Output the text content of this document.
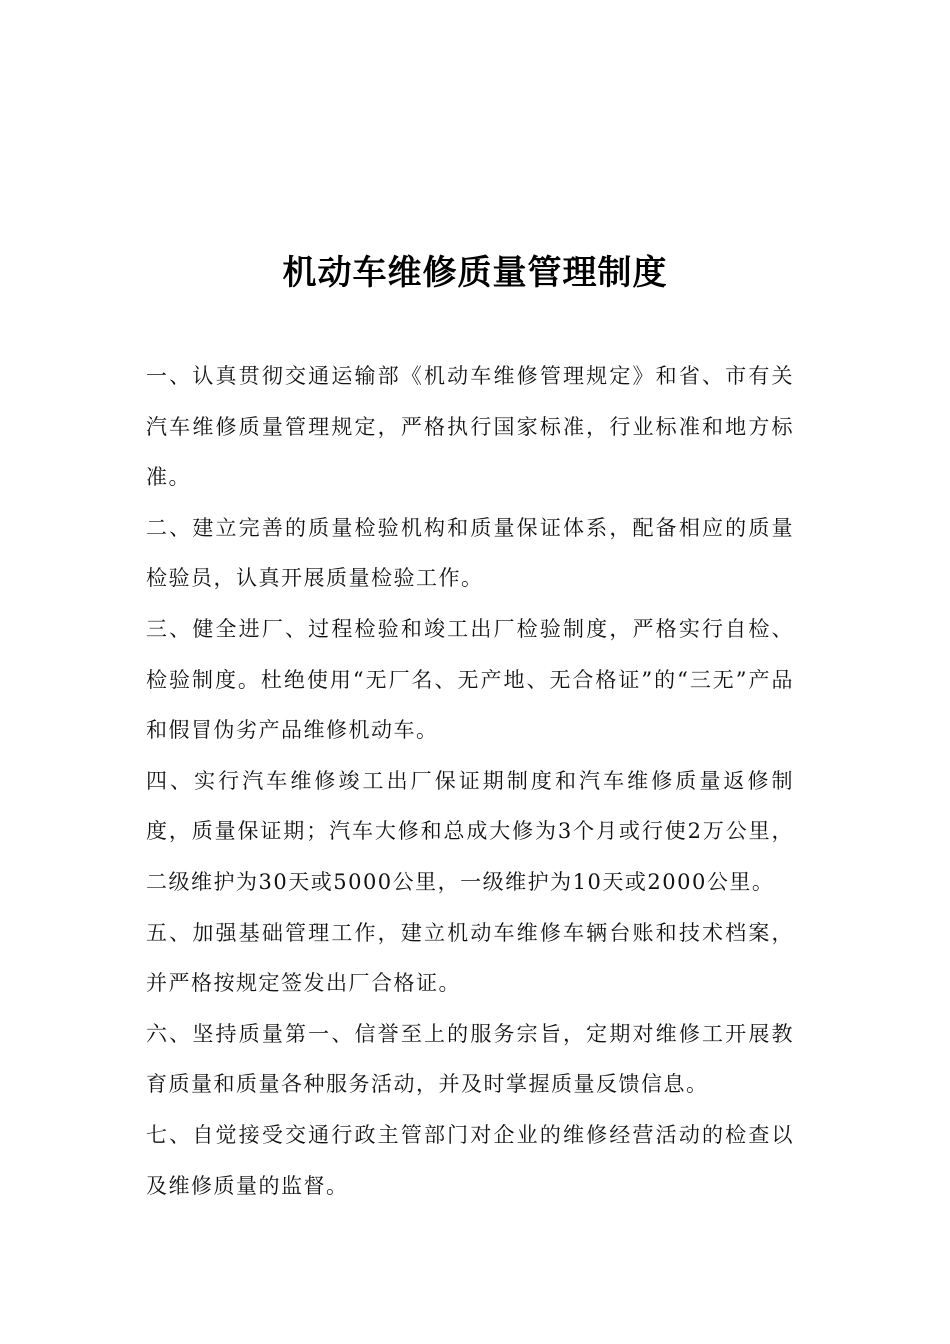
机动车维修质量管理制度

一、认真贯彻交通运输部《机动车维修管理规定》和省、市有关汽车维修质量管理规定，严格执行国家标准，行业标准和地方标准。

二、建立完善的质量检验机构和质量保证体系，配备相应的质量检验员，认真开展质量检验工作。

三、健全进厂、过程检验和竣工出厂检验制度，严格实行自检、检验制度。杜绝使用“无厂名、无产地、无合格证”的“三无”产品和假冒伪劣产品维修机动车。

四、实行汽车维修竣工出厂保证期制度和汽车维修质量返修制度，质量保证期；汽车大修和总成大修为3个月或行使2万公里，二级维护为30天或5000公里，一级维护为10天或2000公里。

五、加强基础管理工作，建立机动车维修车辆台账和技术档案，并严格按规定签发出厂合格证。

六、坚持质量第一、信誉至上的服务宗旨，定期对维修工开展教育质量和质量各种服务活动，并及时掌握质量反馈信息。

七、自觉接受交通行政主管部门对企业的维修经营活动的检查以及维修质量的监督。
